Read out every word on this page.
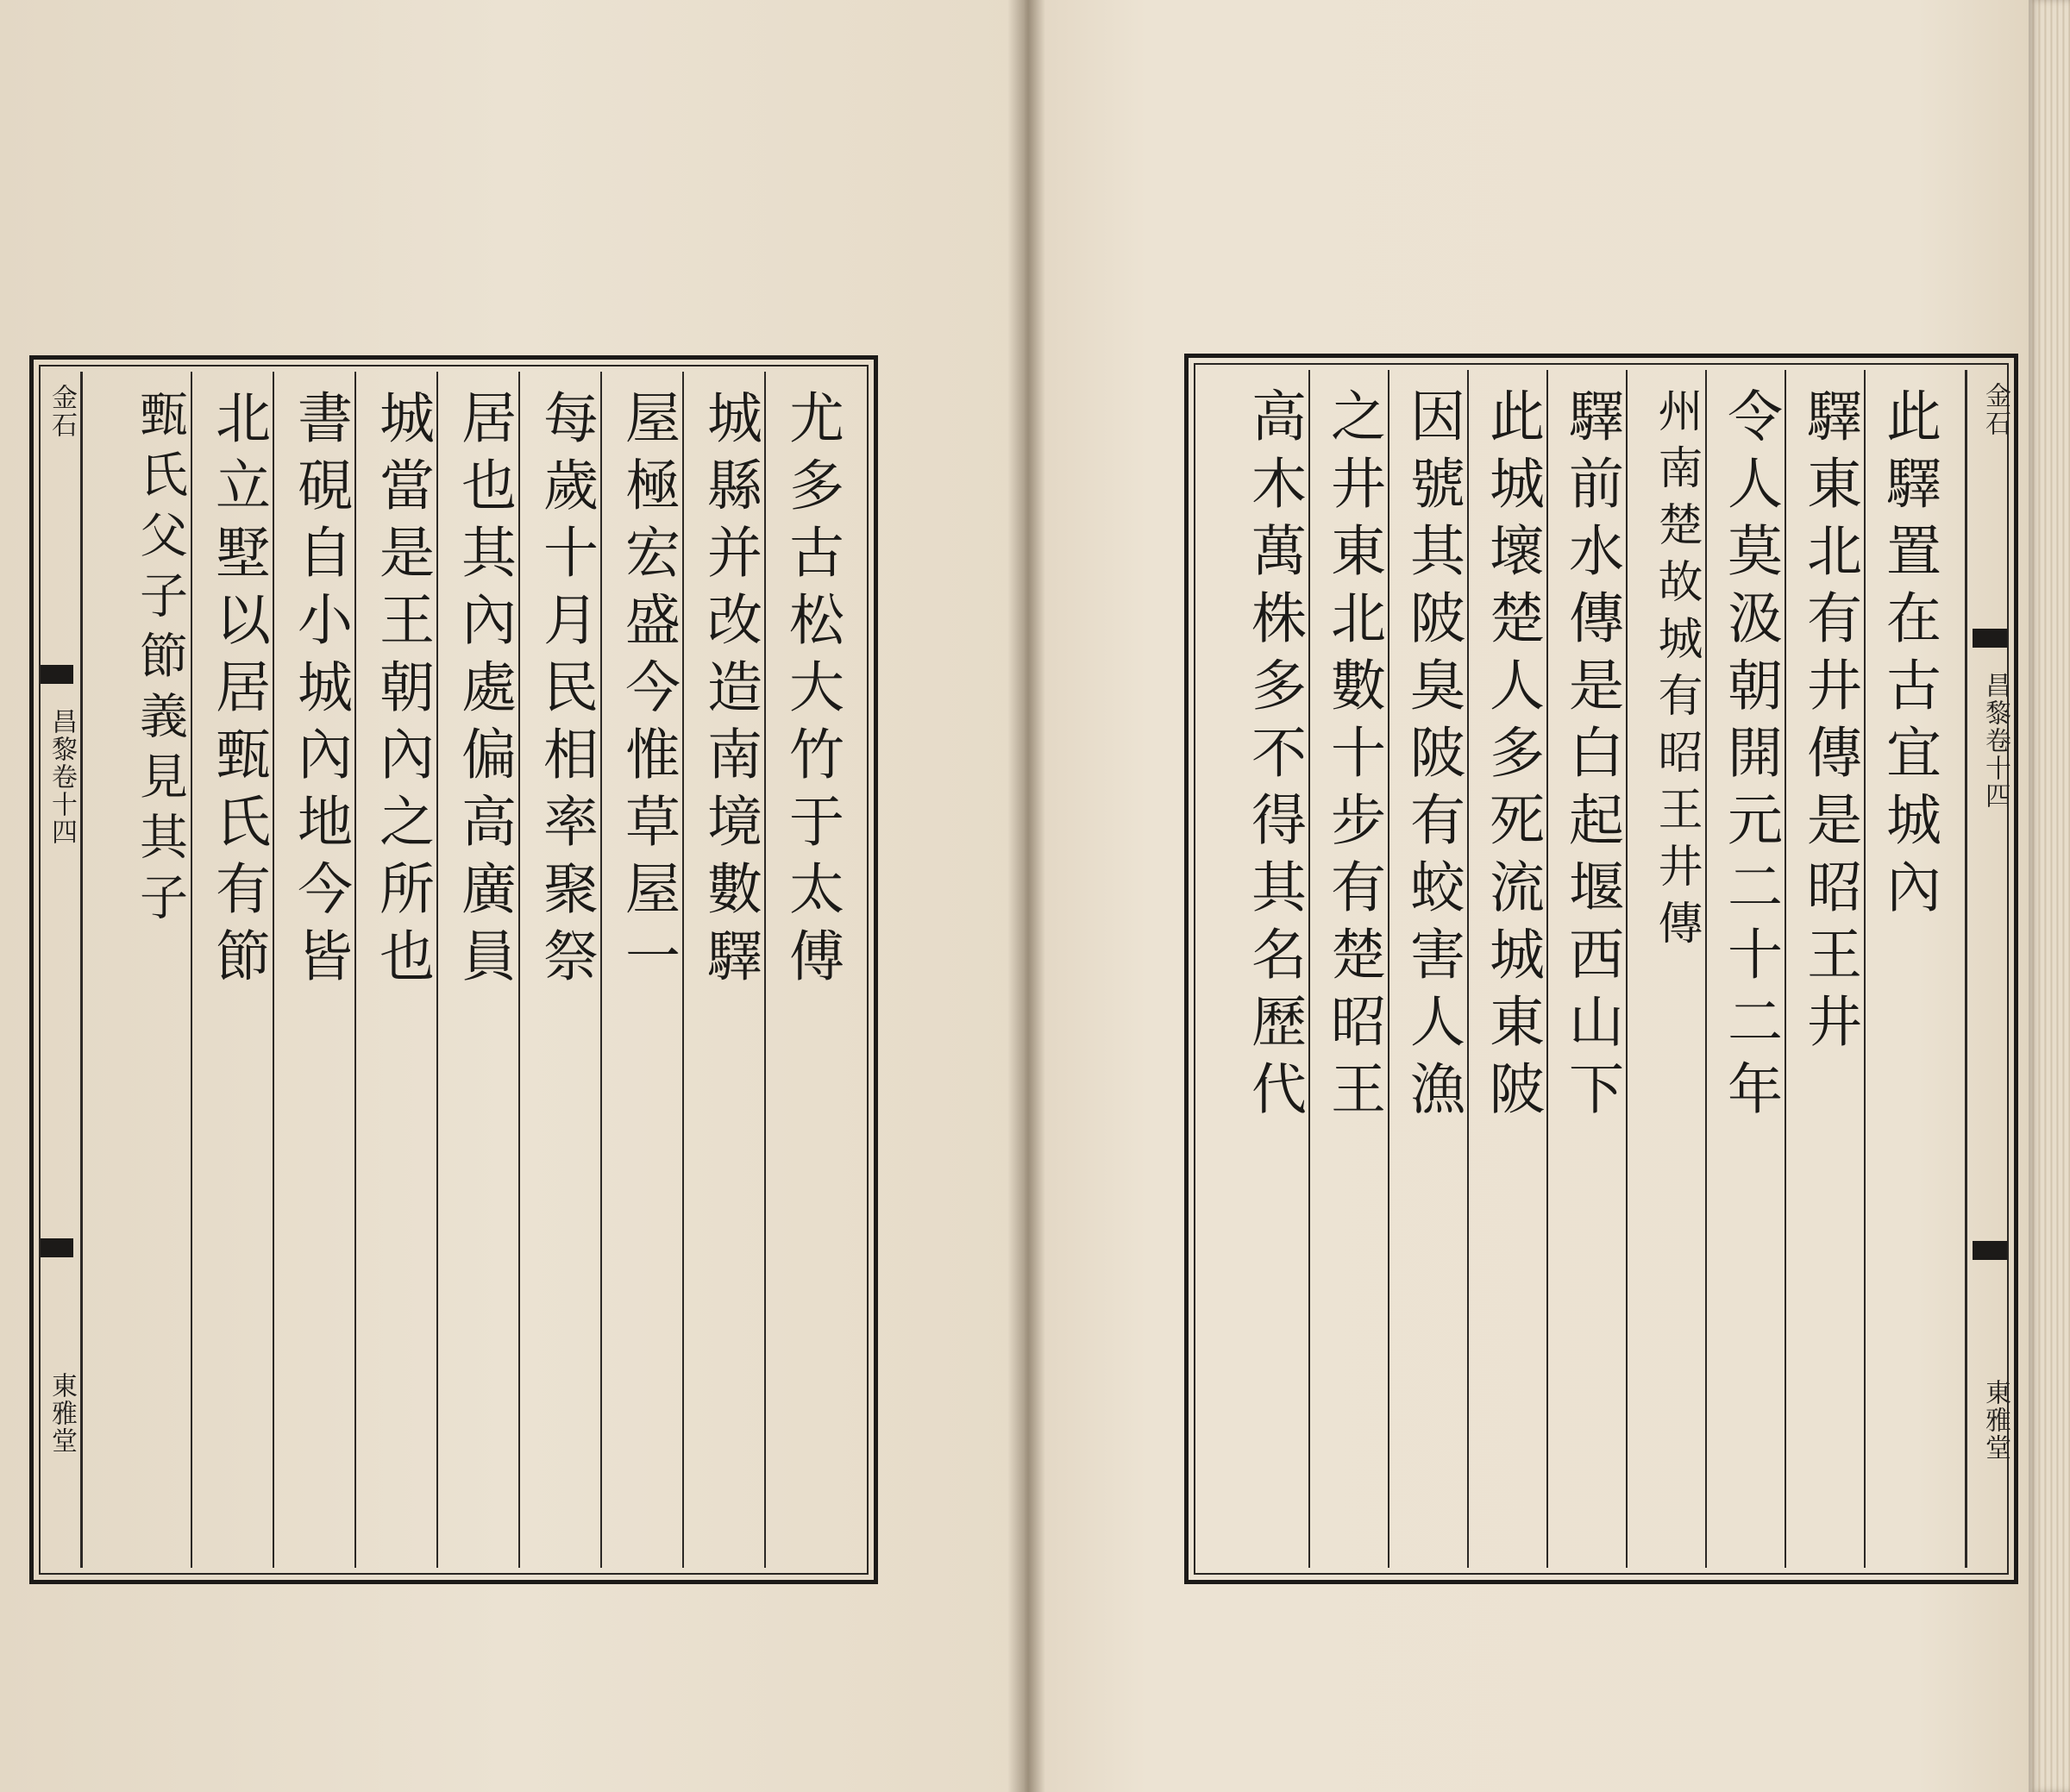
尤多古松大竹于太傅
城縣并改造南境數驛
屋極宏盛今惟草屋一
每歲十月民相率聚祭
居也其內處偏高廣員
城當是王朝內之所也
書硯自小城內地今皆
北立墅以居甄氏有節
甄氏父子節義見其子
金石
昌黎卷十四
東雅堂
此驛置在古宜城內
驛東北有井傳是昭王井
令人莫汲朝開元二十二年
州南楚故城有昭王井傳
驛前水傳是白起堰西山下
此城壞楚人多死流城東陂
因號其陂臭陂有蛟害人漁
之井東北數十步有楚昭王
高木萬株多不得其名歷代	金石
昌黎卷十四
東雅堂
